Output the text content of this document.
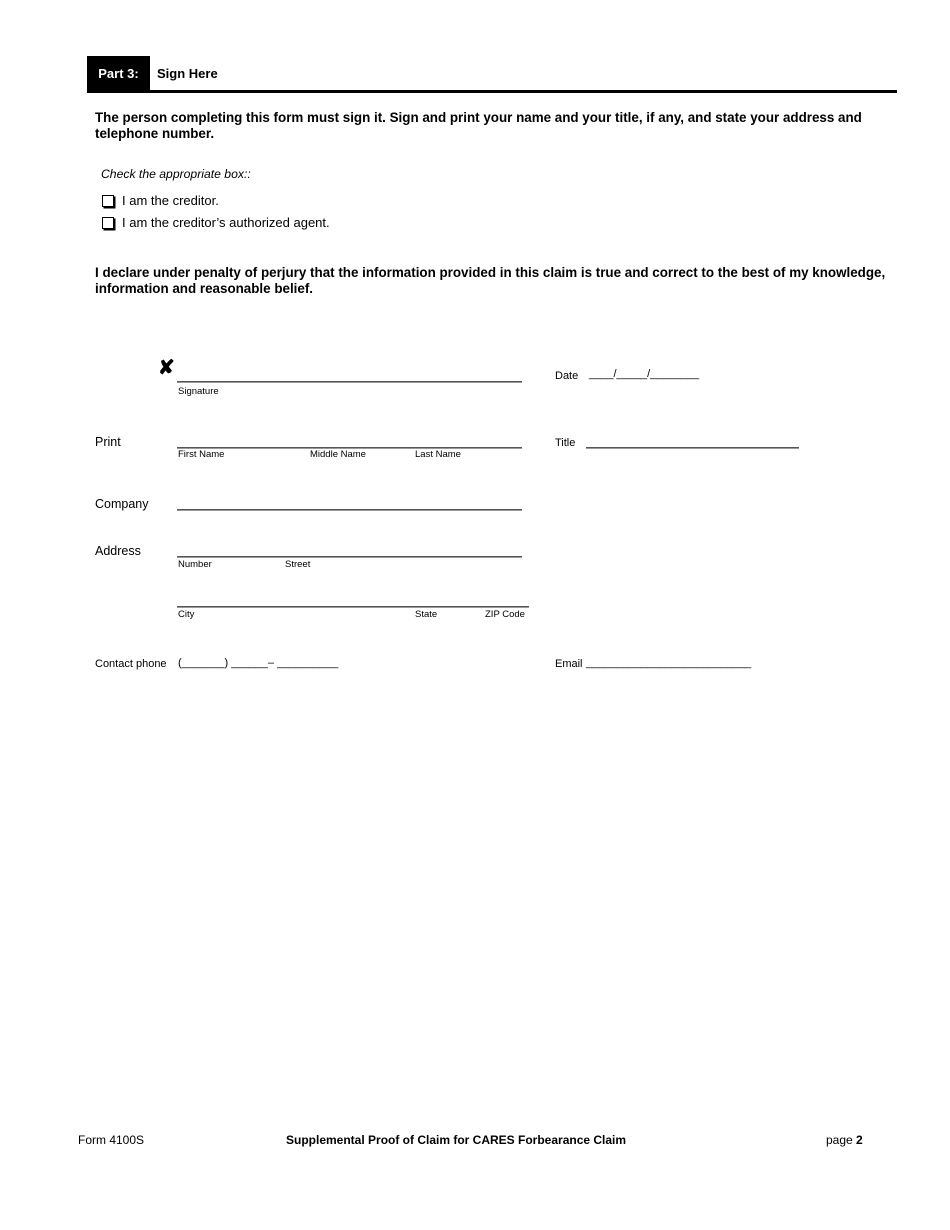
Part 3:	Sign Here
The person completing this form must sign it. Sign and print your name and your title, if any, and state your address and telephone number.
Check the appropriate box::
I am the creditor.
I am the creditor’s authorized agent.
I declare under penalty of perjury that the information provided in this claim is true and correct to the best of my knowledge, information and reasonable belief.
✘
Signature
Date ____/_____/________
Print
First Name	Middle Name	Last Name
Title
Company
Address
Number	Street
City	State	ZIP Code
Contact phone (_______) ______– __________	Email ___________________________
Form 4100S	Supplemental Proof of Claim for CARES Forbearance Claim	page 2
